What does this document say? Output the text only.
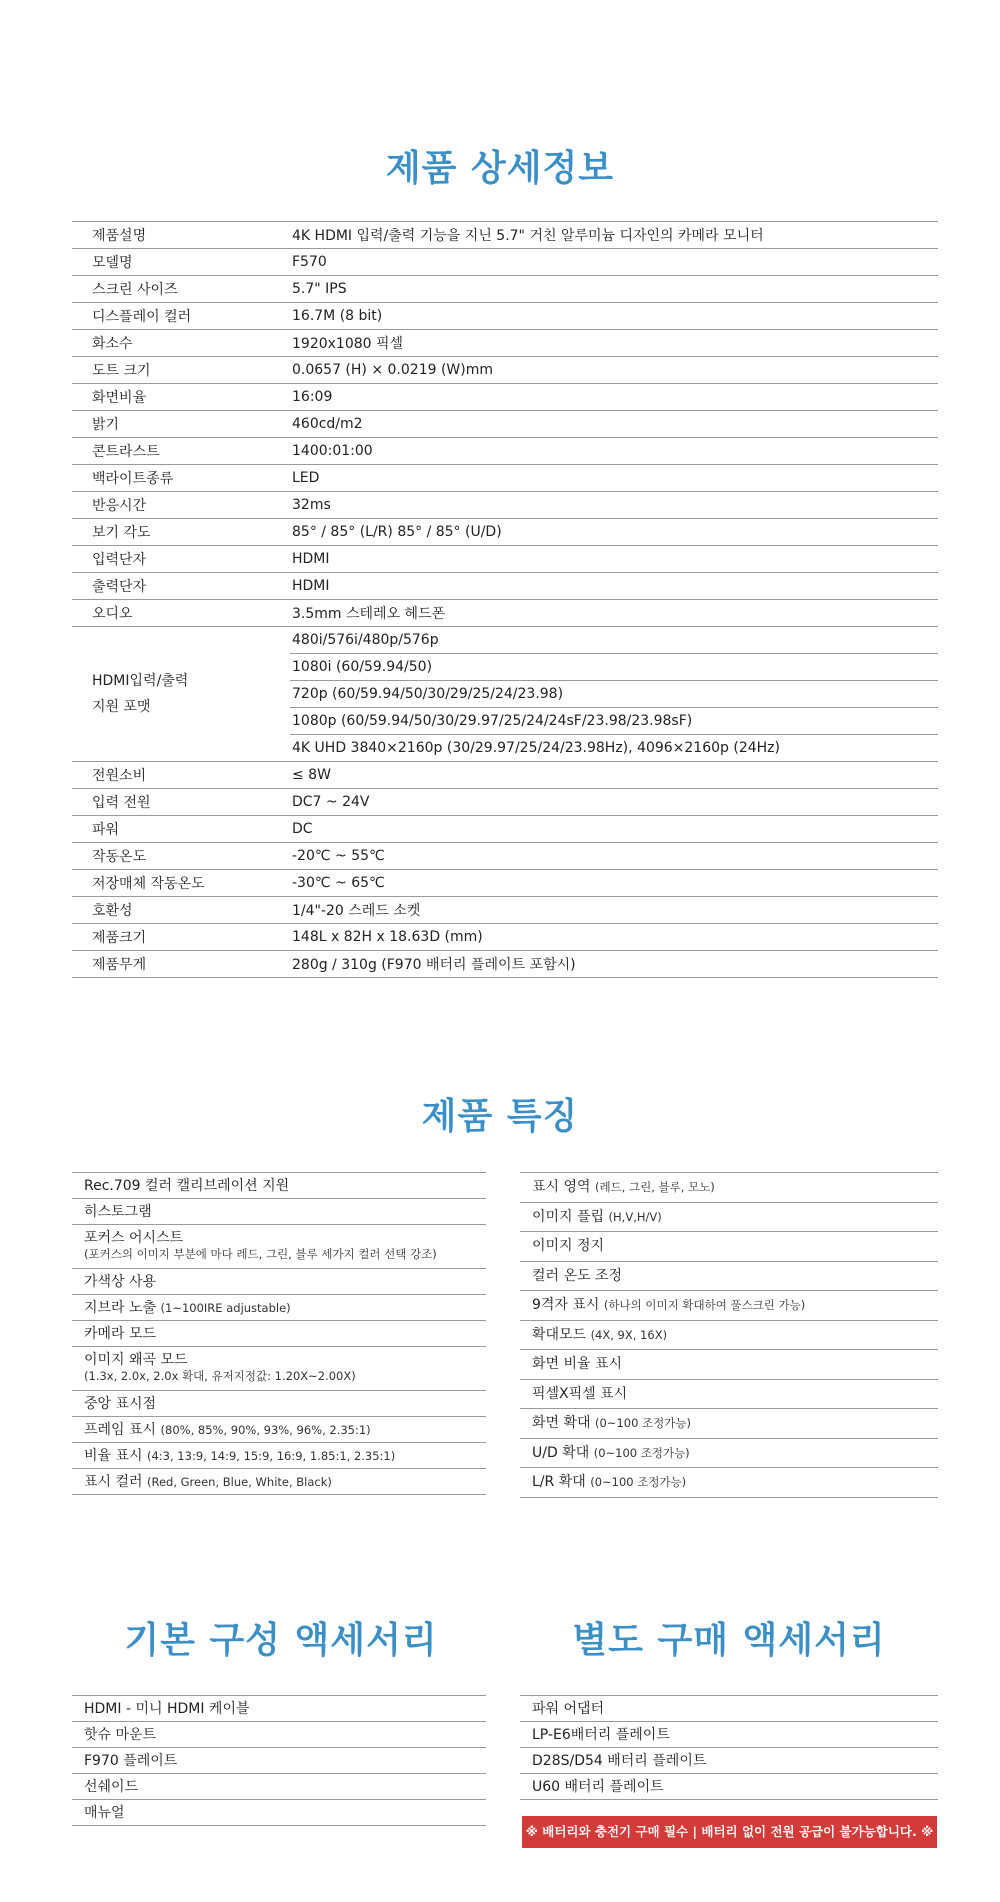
제품 상세정보
제품설명	4K HDMI 입력/출력 기능을 지닌 5.7" 거친 알루미늄 디자인의 카메라 모니터
모델명	F570
스크린 사이즈	5.7" IPS
디스플레이 컬러	16.7M (8 bit)
화소수	1920x1080 픽셀
도트 크기	0.0657 (H) × 0.0219 (W)mm
화면비율	16:09
밝기	460cd/m2
콘트라스트	1400:01:00
백라이트종류	LED
반응시간	32ms
보기 각도	85° / 85° (L/R) 85° / 85° (U/D)
입력단자	HDMI
출력단자	HDMI
오디오	3.5mm 스테레오 헤드폰

HDMI입력/출력
지원 포맷	480i/576i/480p/576p
	1080i (60/59.94/50)
	720p (60/59.94/50/30/29/25/24/23.98)
	1080p (60/59.94/50/30/29.97/25/24/24sF/23.98/23.98sF)
	4K UHD 3840×2160p (30/29.97/25/24/23.98Hz), 4096×2160p (24Hz)
전원소비	≤ 8W
입력 전원	DC7 ~ 24V
파워	DC
작동온도	-20℃ ~ 55℃
저장매체 작동온도	-30℃ ~ 65℃
호환성	1/4"-20 스레드 소켓
제품크기	148L x 82H x 18.63D (mm)
제품무게	280g / 310g (F970 배터리 플레이트 포함시)
제품 특징
Rec.709 컬러 캘리브레이션 지원
히스토그램
포커스 어시스트
(포커스의 이미지 부분에 마다 레드, 그린, 블루 세가지 컬러 선택 강조)
가색상 사용
지브라 노출 (1~100IRE adjustable)
카메라 모드
이미지 왜곡 모드
(1.3x, 2.0x, 2.0x 확대, 유저지정값: 1.20X~2.00X)
중앙 표시점
프레임 표시 (80%, 85%, 90%, 93%, 96%, 2.35:1)
비율 표시 (4:3, 13:9, 14:9, 15:9, 16:9, 1.85:1, 2.35:1)
표시 컬러 (Red, Green, Blue, White, Black)
표시 영역 (레드, 그린, 블루, 모노)
이미지 플립 (H,V,H/V)
이미지 정지
컬러 온도 조정
9격자 표시 (하나의 이미지 확대하여 풀스크린 가능)
확대모드 (4X, 9X, 16X)
화면 비율 표시
픽셀X픽셀 표시
화면 확대 (0~100 조정가능)
U/D 확대 (0~100 조정가능)
L/R 확대 (0~100 조정가능)
기본 구성 액세서리	별도 구매 액세서리
HDMI - 미니 HDMI 케이블
핫슈 마운트
F970 플레이트
선쉐이드
매뉴얼
파워 어댑터
LP-E6배터리 플레이트
D28S/D54 배터리 플레이트
U60 배터리 플레이트
※ 배터리와 충전기 구매 필수 | 배터리 없이 전원 공급이 불가능합니다. ※
